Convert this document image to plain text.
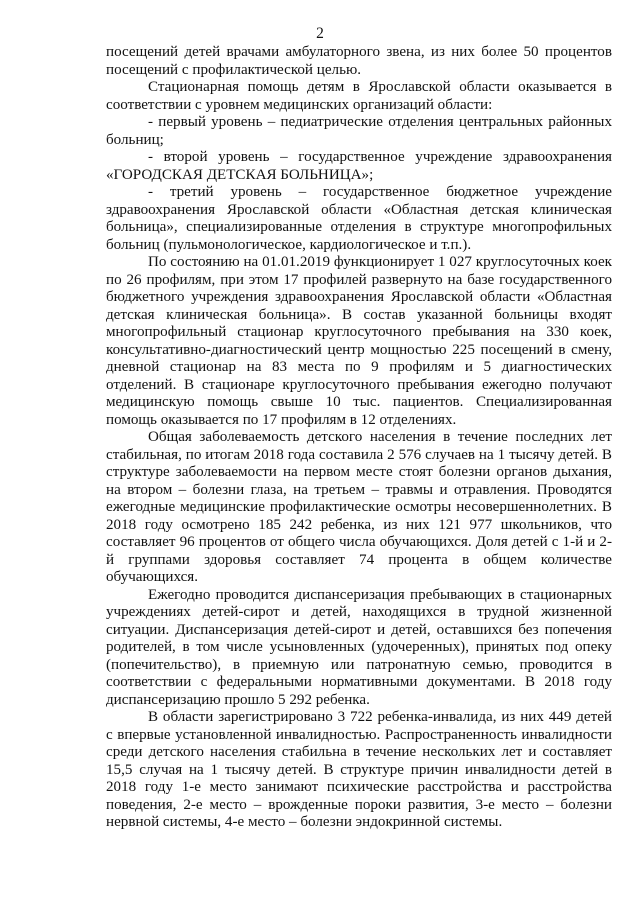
2

посещений детей врачами амбулаторного звена, из них более 50 процентов посещений с профилактической целью.

Стационарная помощь детям в Ярославской области оказывается в соответствии с уровнем медицинских организаций области:

- первый уровень – педиатрические отделения центральных районных больниц;

- второй уровень – государственное учреждение здравоохранения «ГОРОДСКАЯ ДЕТСКАЯ БОЛЬНИЦА»;

- третий уровень – государственное бюджетное учреждение здравоохранения Ярославской области «Областная детская клиническая больница», специализированные отделения в структуре многопрофильных больниц (пульмонологическое, кардиологическое и т.п.).

По состоянию на 01.01.2019 функционирует 1 027 круглосуточных коек по 26 профилям, при этом 17 профилей развернуто на базе государственного бюджетного учреждения здравоохранения Ярославской области «Областная детская клиническая больница». В состав указанной больницы входят многопрофильный стационар круглосуточного пребывания на 330 коек, консультативно-диагностический центр мощностью 225 посещений в смену, дневной стационар на 83 места по 9 профилям и 5 диагностических отделений. В стационаре круглосуточного пребывания ежегодно получают медицинскую помощь свыше 10 тыс. пациентов. Специализированная помощь оказывается по 17 профилям в 12 отделениях.

Общая заболеваемость детского населения в течение последних лет стабильная, по итогам 2018 года составила 2 576 случаев на 1 тысячу детей. В структуре заболеваемости на первом месте стоят болезни органов дыхания, на втором – болезни глаза, на третьем – травмы и отравления. Проводятся ежегодные медицинские профилактические осмотры несовершеннолетних. В 2018 году осмотрено 185 242 ребенка, из них 121 977 школьников, что составляет 96 процентов от общего числа обучающихся. Доля детей с 1-й и 2-й группами здоровья составляет 74 процента в общем количестве обучающихся.

Ежегодно проводится диспансеризация пребывающих в стационарных учреждениях детей-сирот и детей, находящихся в трудной жизненной ситуации. Диспансеризация детей-сирот и детей, оставшихся без попечения родителей, в том числе усыновленных (удочеренных), принятых под опеку (попечительство), в приемную или патронатную семью, проводится в соответствии с федеральными нормативными документами. В 2018 году диспансеризацию прошло 5 292 ребенка.

В области зарегистрировано 3 722 ребенка-инвалида, из них 449 детей с впервые установленной инвалидностью. Распространенность инвалидности среди детского населения стабильна в течение нескольких лет и составляет 15,5 случая на 1 тысячу детей. В структуре причин инвалидности детей в 2018 году 1-е место занимают психические расстройства и расстройства поведения, 2-е место – врожденные пороки развития, 3-е место – болезни нервной системы, 4-е место – болезни эндокринной системы.
